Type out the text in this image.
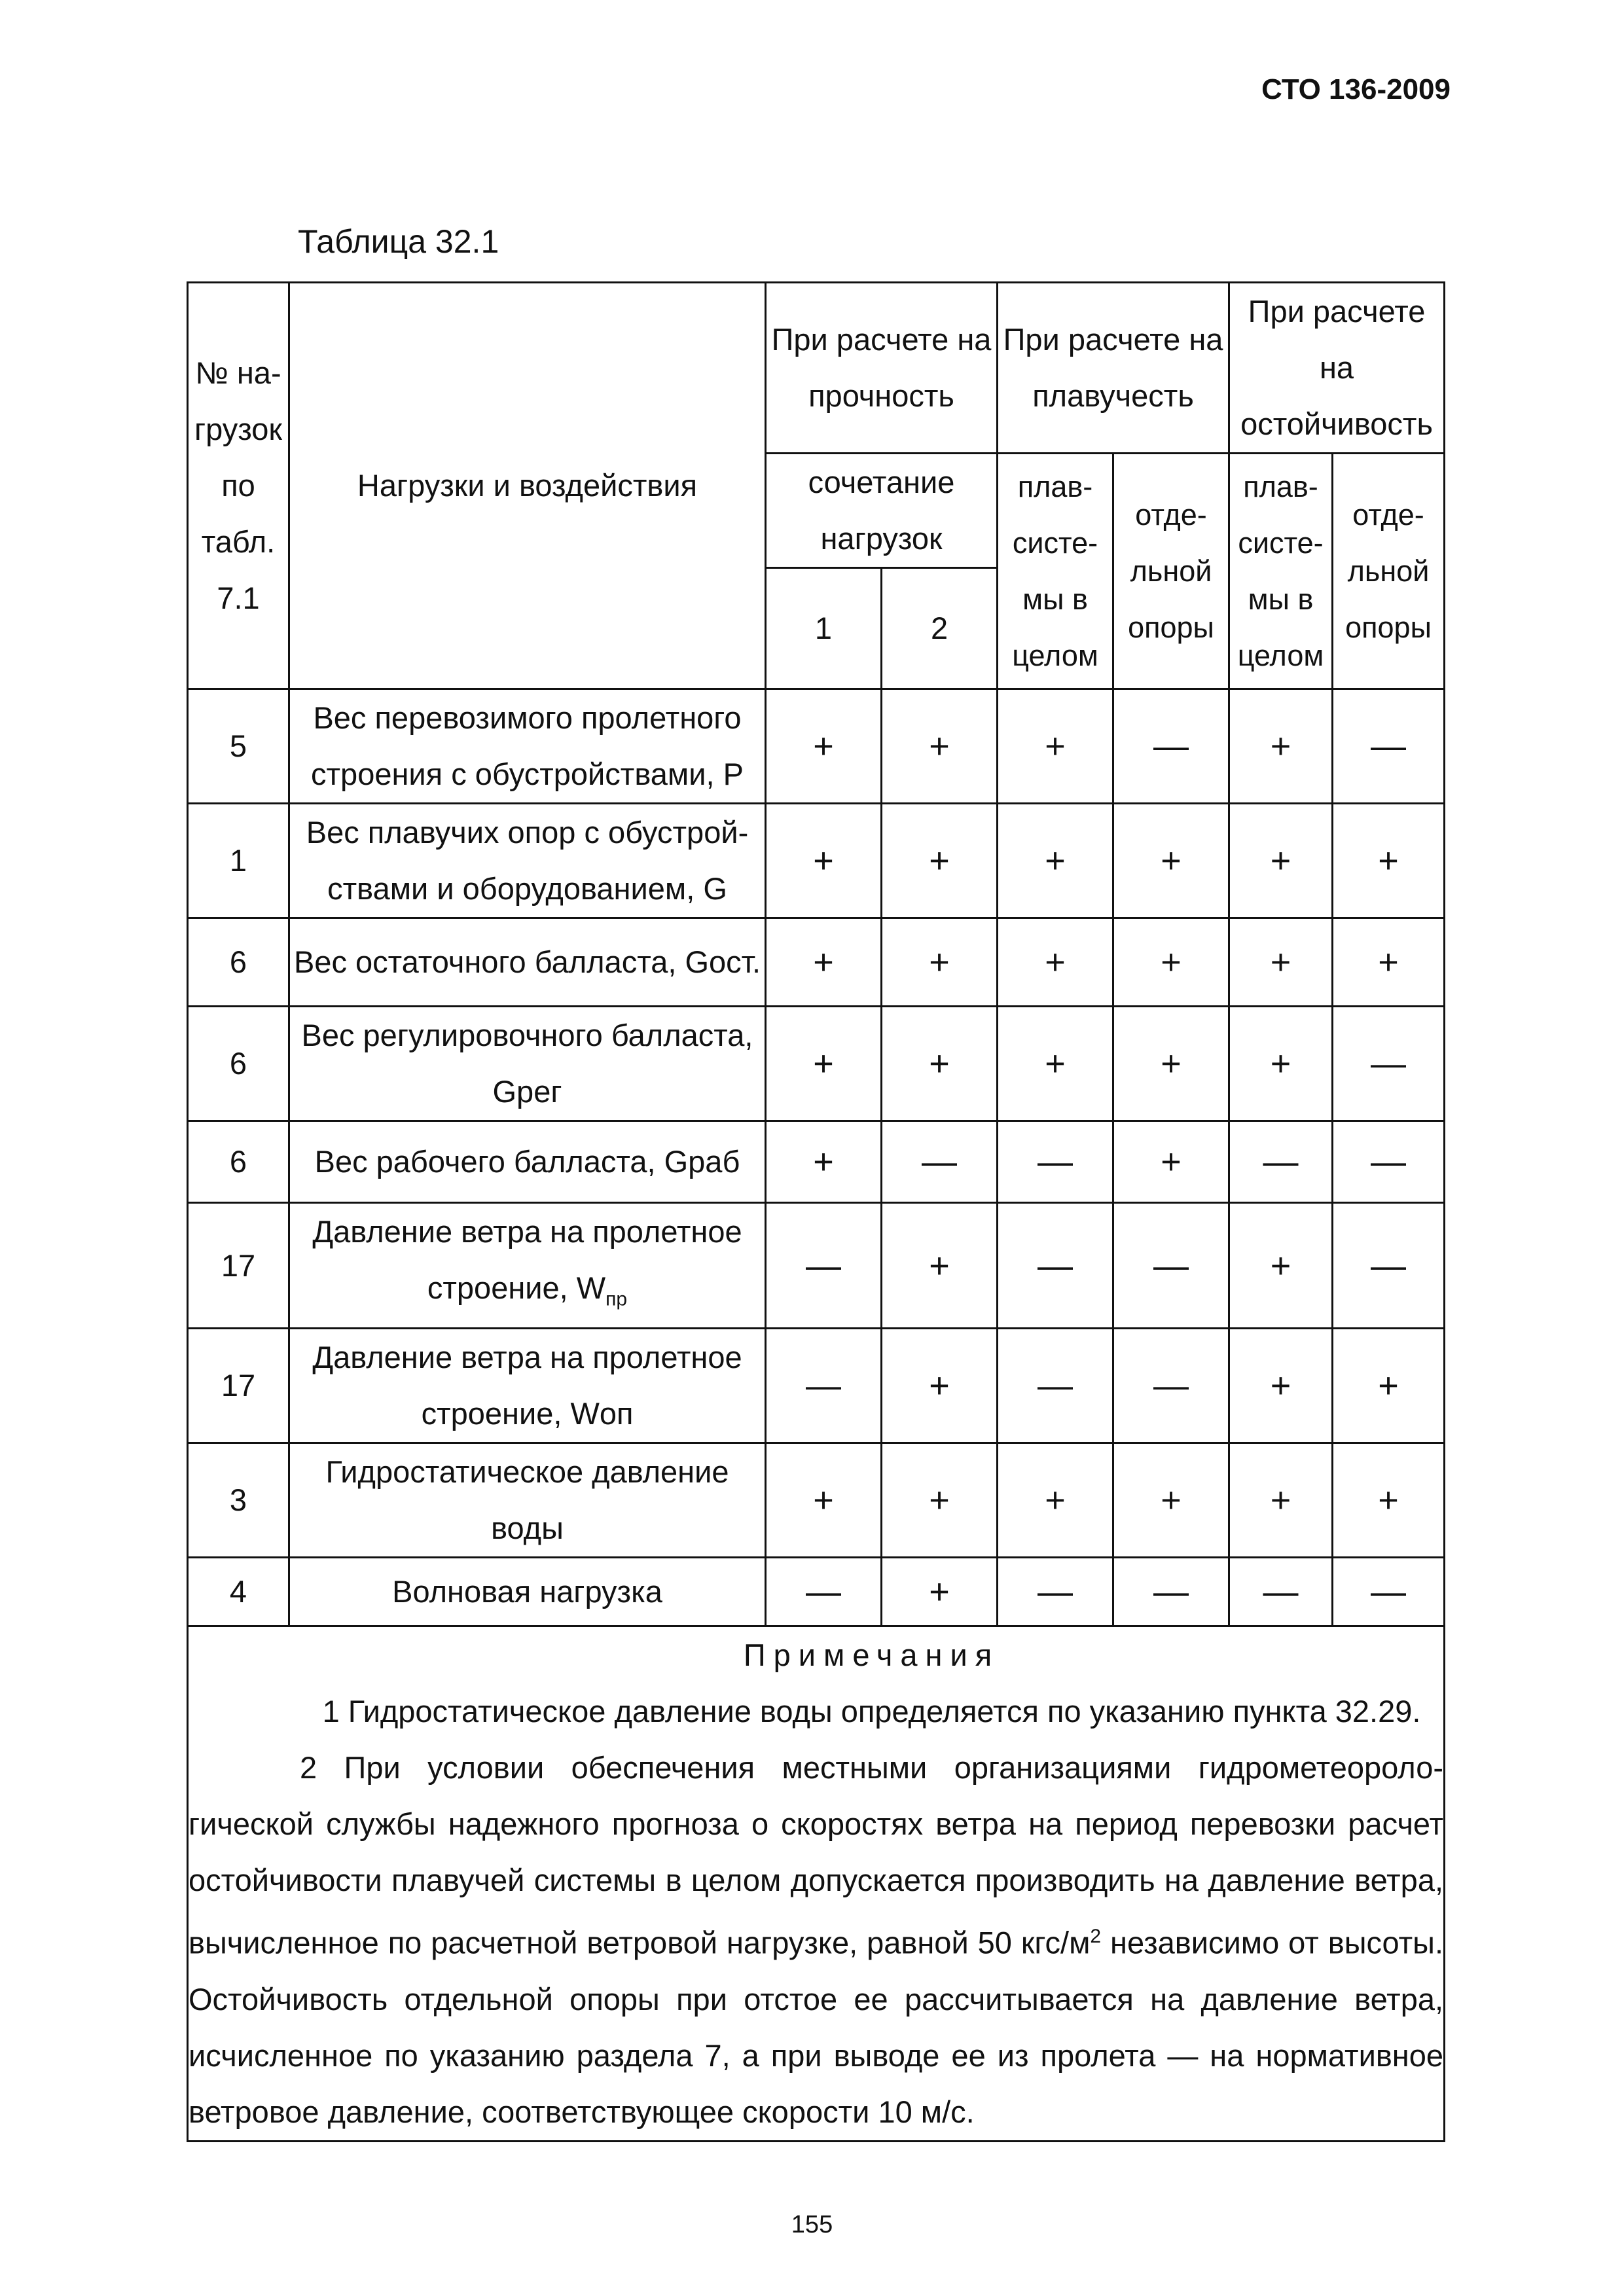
СТО 136-2009
Таблица 32.1
№ на-грузок по табл. 7.1	Нагрузки и воздействия	При расчете на прочность		При расчете на плавучесть		При расчете на остойчивость	
		сочетание нагрузок		плав-систе-мы в целом	отде-льной опоры	плав-систе-мы в целом	отде-льной опоры
		1	2				
5	Вес перевозимого пролетного строения с обустройствами, P	+	+	+	—	+	—
1	Вес плавучих опор с обустрой-ствами и оборудованием, G	+	+	+	+	+	+
6	Вес остаточного балласта, Gост.	+	+	+	+	+	+
6	Вес регулировочного балласта, Gрег	+	+	+	+	+	—
6	Вес рабочего балласта, Gраб	+	—	—	+	—	—
17	Давление ветра на пролетное строение, $W_{пр}$	—	+	—	—	+	—
17	Давление ветра на пролетное строение, Wоп	—	+	—	—	+	+
3	Гидростатическое давление воды	+	+	+	+	+	+
4	Волновая нагрузка	—	+	—	—	—	—

Примечания
1 Гидростатическое давление воды определяется по указанию пункта 32.29.
2 При условии обеспечения местными организациями гидрометеороло-гической службы надежного прогноза о скоростях ветра на период перевозки расчет остойчивости плавучей системы в целом допускается производить на давление ветра, вычисленное по расчетной ветровой нагрузке, равной 50 кгс/$м^2$ независимо от высоты. Остойчивость отдельной опоры при отстое ее рассчитывается на давление ветра, исчисленное по указанию раздела 7, а при выводе ее из пролета — на нормативное ветровое давление, соответствующее скорости 10 м/с.							
155
